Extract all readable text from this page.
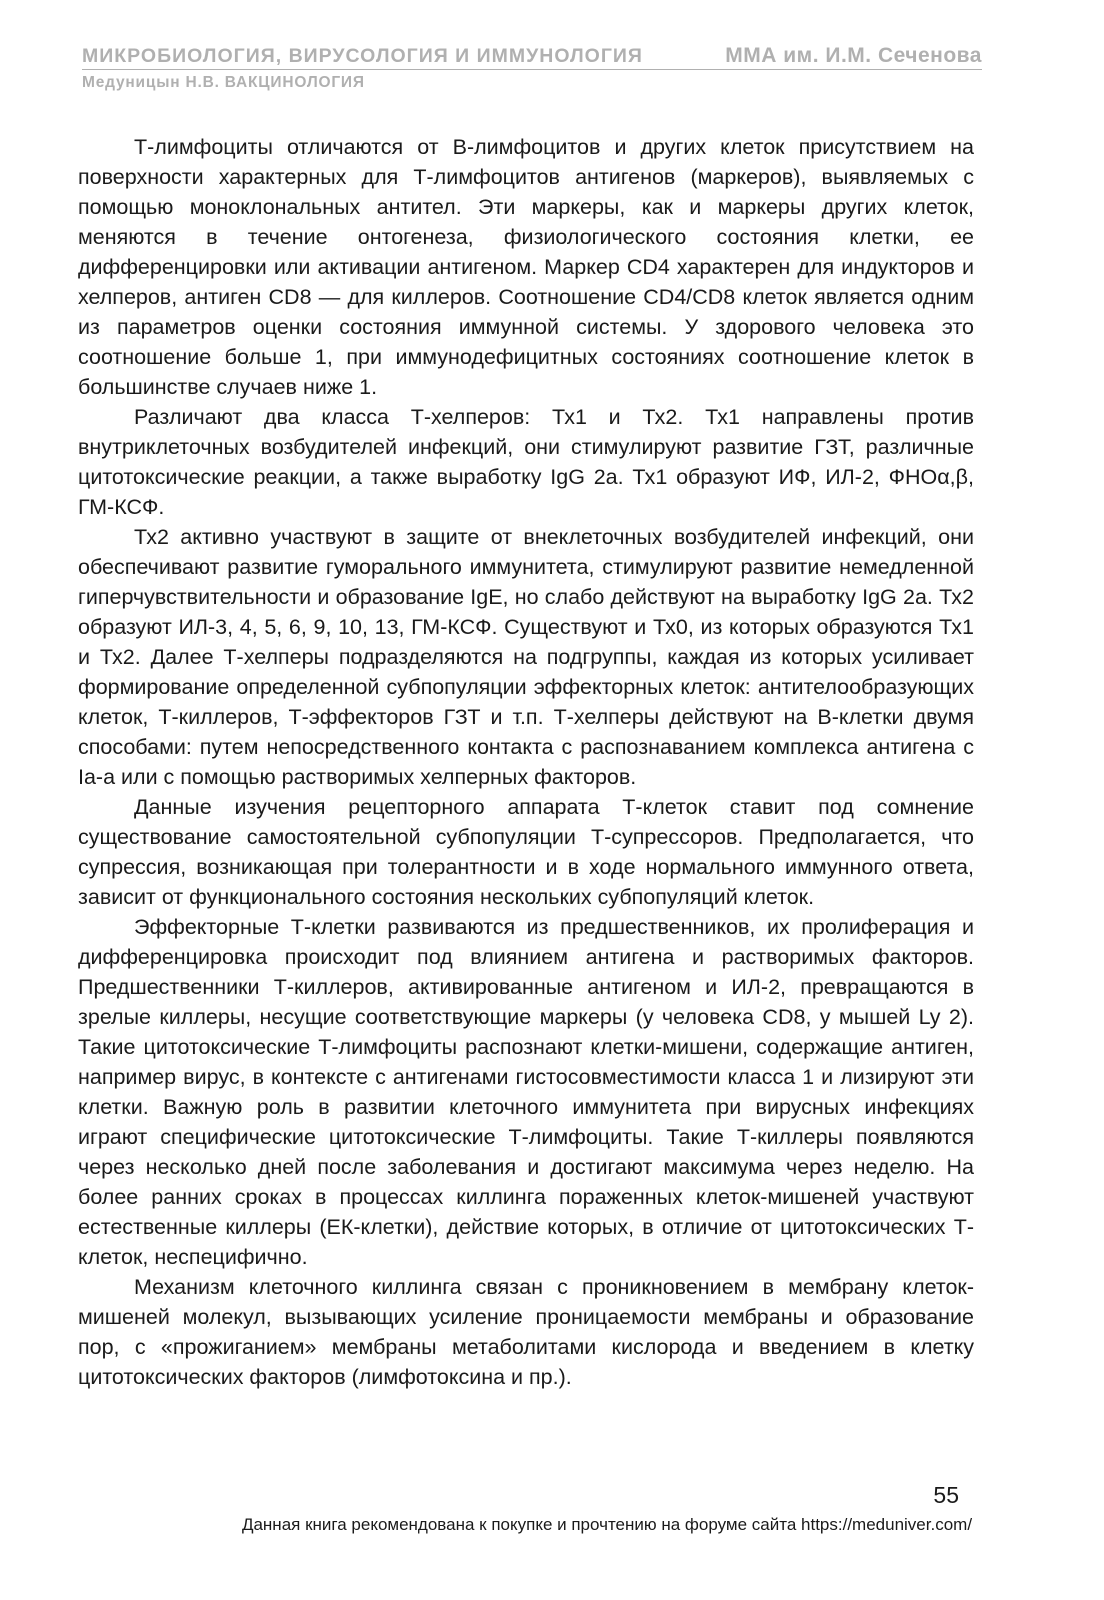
МИКРОБИОЛОГИЯ, ВИРУСОЛОГИЯ И ИММУНОЛОГИЯ	ММА им. И.М. Сеченова
Медуницын Н.В. ВАКЦИНОЛОГИЯ

Т-лимфоциты отличаются от В-лимфоцитов и других клеток присутствием на поверхности характерных для Т-лимфоцитов антигенов (маркеров), выявляемых с помощью моноклональных антител. Эти маркеры, как и маркеры других клеток, меняются в течение онтогенеза, физиологического состояния клетки, ее дифференцировки или активации антигеном. Маркер CD4 характерен для индукторов и хелперов, антиген CD8 — для киллеров. Соотношение CD4/CD8 клеток является одним из параметров оценки состояния иммунной системы. У здорового человека это соотношение больше 1, при иммунодефицитных состояниях соотношение клеток в большинстве случаев ниже 1.

Различают два класса Т-хелперов: Тх1 и Тх2. Тх1 направлены против внутриклеточных возбудителей инфекций, они стимулируют развитие ГЗТ, различные цитотоксические реакции, а также выработку IgG 2a. Тх1 образуют ИФ, ИЛ-2, ФНОα,β, ГМ-КСФ.

Тх2 активно участвуют в защите от внеклеточных возбудителей инфекций, они обеспечивают развитие гуморального иммунитета, стимулируют развитие немедленной гиперчувствительности и образование IgE, но слабо действуют на выработку IgG 2a. Тх2 образуют ИЛ-3, 4, 5, 6, 9, 10, 13, ГМ-КСФ. Существуют и Тх0, из которых образуются Тх1 и Тх2. Далее Т-хелперы подразделяются на подгруппы, каждая из которых усиливает формирование определенной субпопуляции эффекторных клеток: антителообразующих клеток, Т-киллеров, Т-эффекторов ГЗТ и т.п. Т-хелперы действуют на В-клетки двумя способами: путем непосредственного контакта с распознаванием комплекса антигена с Ia-a или с помощью растворимых хелперных факторов.

Данные изучения рецепторного аппарата Т-клеток ставит под сомнение существование самостоятельной субпопуляции Т-супрессоров. Предполагается, что супрессия, возникающая при толерантности и в ходе нормального иммунного ответа, зависит от функционального состояния нескольких субпопуляций клеток.

Эффекторные Т-клетки развиваются из предшественников, их пролиферация и дифференцировка происходит под влиянием антигена и растворимых факторов. Предшественники Т-киллеров, активированные антигеном и ИЛ-2, превращаются в зрелые киллеры, несущие соответствующие маркеры (у человека CD8, у мышей Ly 2). Такие цитотоксические Т-лимфоциты распознают клетки-мишени, содержащие антиген, например вирус, в контексте с антигенами гистосовместимости класса 1 и лизируют эти клетки. Важную роль в развитии клеточного иммунитета при вирусных инфекциях играют специфические цитотоксические Т-лимфоциты. Такие Т-киллеры появляются через несколько дней после заболевания и достигают максимума через неделю. На более ранних сроках в процессах киллинга пораженных клеток-мишеней участвуют естественные киллеры (ЕК-клетки), действие которых, в отличие от цитотоксических Т-клеток, неспецифично.

Механизм клеточного киллинга связан с проникновением в мембрану клеток-мишеней молекул, вызывающих усиление проницаемости мембраны и образование пор, с «прожиганием» мембраны метаболитами кислорода и введением в клетку цитотоксических факторов (лимфотоксина и пр.).

55
Данная книга рекомендована к покупке и прочтению на форуме сайта https://meduniver.com/
